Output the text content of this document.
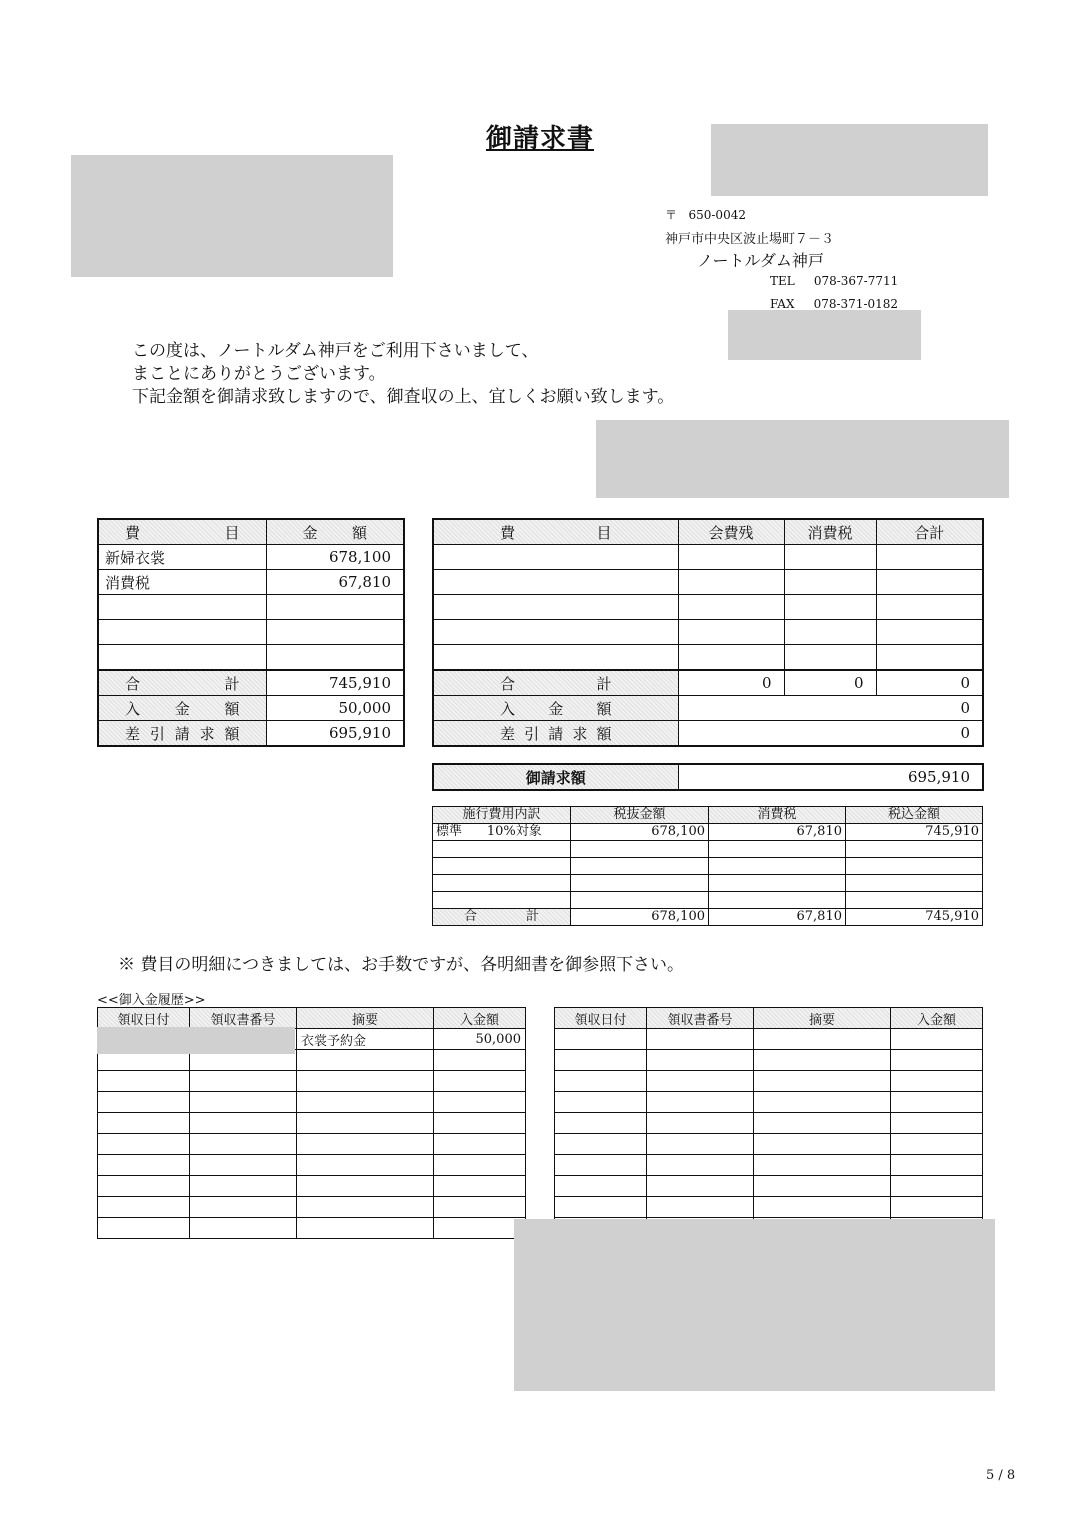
御請求書
〒 650-0042
神戸市中央区波止場町７－３
ノートルダム神戸
TEL 078-367-7711
FAX 078-371-0182
この度は、ノートルダム神戸をご利用下さいまして、
まことにありがとうございます。
下記金額を御請求致しますので、御査収の上、宜しくお願い致します。
費 目	金 額

新婦衣裳	678,100
消費税	67,810

合 計	745,910

入 金 額	50,000

差 引 請 求 額	695,910
費 目	会費残	消費税	合計

合 計	0	0	0

入 金 額	0		

差 引 請 求 額	0		
御請求額	695,910
施行費用内訳	税抜金額	消費税	税込金額
標準 10%対象	678,100	67,810	745,910

合 計	678,100	67,810	745,910
※ 費目の明細につきましては、お手数ですが、各明細書を御参照下さい。
<<御入金履歴>>
領収日付	領収書番号	摘要	入金額
		衣裳予約金	50,000

領収日付	領収書番号	摘要	入金額

5 / 8
